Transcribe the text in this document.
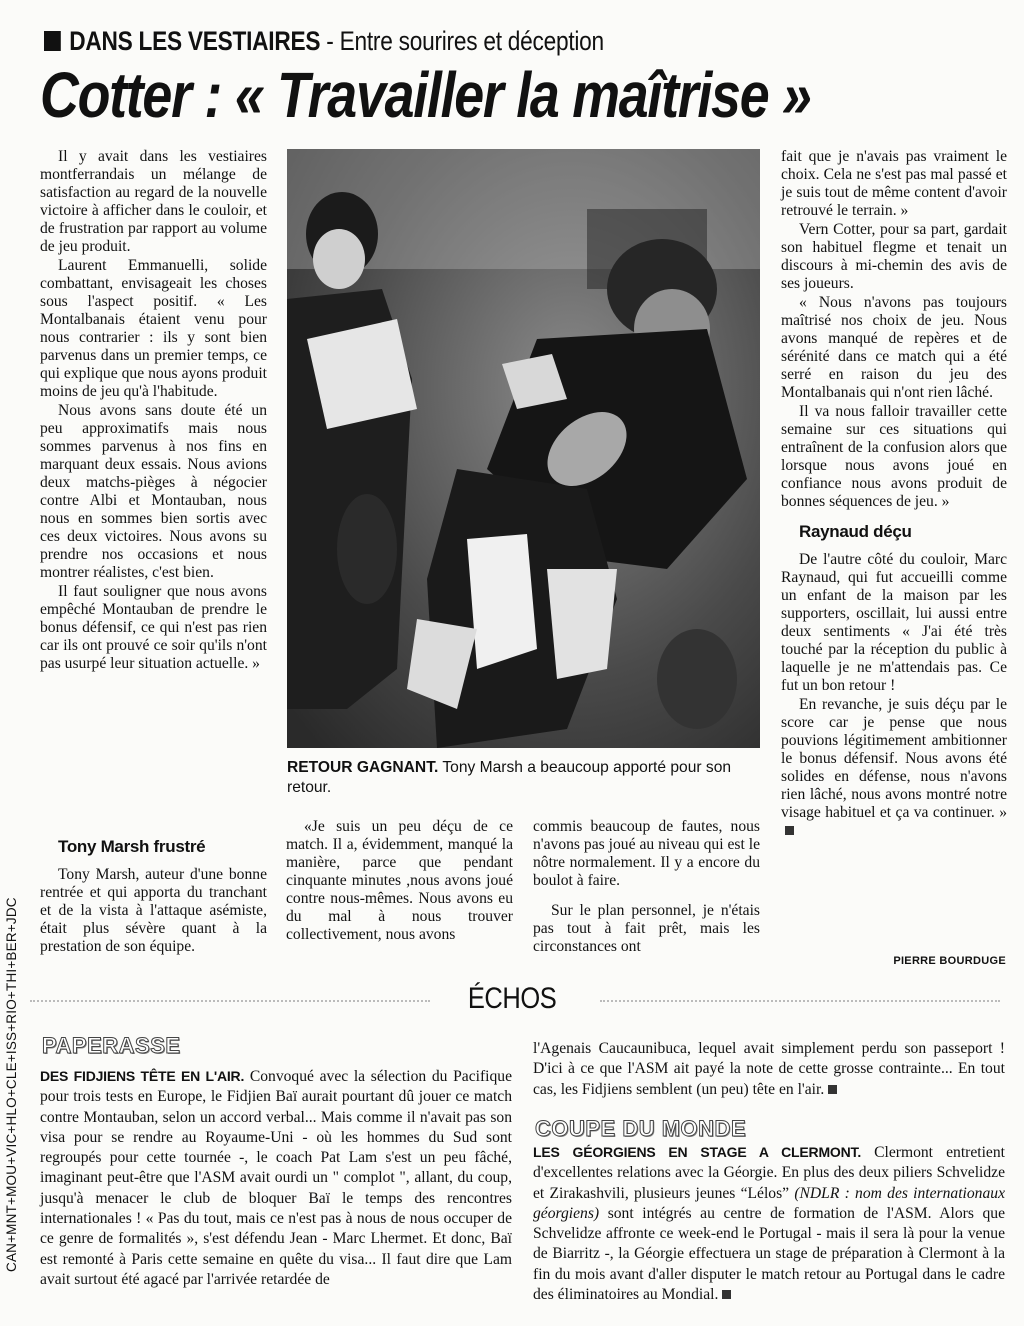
DANS LES VESTIAIRES - Entre sourires et déception
Cotter : « Travailler la maîtrise »

Il y avait dans les vestiaires montferrandais un mélange de satisfaction au regard de la nouvelle victoire à afficher dans le couloir, et de frustration par rapport au volume de jeu produit.

Laurent Emmanuelli, solide combattant, envisageait les choses sous l'aspect positif. « Les Montalbanais étaient venu pour nous contrarier : ils y sont bien parvenus dans un premier temps, ce qui explique que nous ayons produit moins de jeu qu'à l'habitude.

Nous avons sans doute été un peu approximatifs mais nous sommes parvenus à nos fins en marquant deux essais. Nous avions deux matchs-pièges à négocier contre Albi et Montauban, nous nous en sommes bien sortis avec ces deux victoires. Nous avons su prendre nos occasions et nous montrer réalistes, c'est bien.

Il faut souligner que nous avons empêché Montauban de prendre le bonus défensif, ce qui n'est pas rien car ils ont prouvé ce soir qu'ils n'ont pas usurpé leur situation actuelle. »

Tony Marsh frustré

Tony Marsh, auteur d'une bonne rentrée et qui apporta du tranchant et de la vista à l'attaque asémiste, était plus sévère quant à la prestation de son équipe.

RETOUR GAGNANT. Tony Marsh a beaucoup apporté pour son retour.

«Je suis un peu déçu de ce match. Il a, évidemment, manqué la manière, parce que pendant cinquante minutes ,nous avons joué contre nous-mêmes. Nous avons eu du mal à nous trouver collectivement, nous avons

commis beaucoup de fautes, nous n'avons pas joué au niveau qui est le nôtre normalement. Il y a encore du boulot à faire.

Sur le plan personnel, je n'étais pas tout à fait prêt, mais les circonstances ont

fait que je n'avais pas vraiment le choix. Cela ne s'est pas mal passé et je suis tout de même content d'avoir retrouvé le terrain. »

Vern Cotter, pour sa part, gardait son habituel flegme et tenait un discours à mi-chemin des avis de ses joueurs.

« Nous n'avons pas toujours maîtrisé nos choix de jeu. Nous avons manqué de repères et de sérénité dans ce match qui a été serré en raison du jeu des Montalbanais qui n'ont rien lâché.

Il va nous falloir travailler cette semaine sur ces situations qui entraînent de la confusion alors que lorsque nous avons joué en confiance nous avons produit de bonnes séquences de jeu. »

Raynaud déçu

De l'autre côté du couloir, Marc Raynaud, qui fut accueilli comme un enfant de la maison par les supporters, oscillait, lui aussi entre deux sentiments « J'ai été très touché par la réception du public à laquelle je ne m'attendais pas. Ce fut un bon retour !

En revanche, je suis déçu par le score car je pense que nous pouvions légitimement ambitionner le bonus défensif. Nous avons été solides en défense, nous n'avons rien lâché, nous avons montré notre visage habituel et ça va continuer. »

PIERRE BOURDUGE
CAN+MNT+MOU+VIC+HLO+CLE+ISS+RIO+THI+BER+JDC	ÉCHOS
PAPERASSE
DES FIDJIENS TÊTE EN L'AIR. Convoqué avec la sélection du Pacifique pour trois tests en Europe, le Fidjien Baï aurait pourtant dû jouer ce match contre Montauban, selon un accord verbal... Mais comme il n'avait pas son visa pour se rendre au Royaume-Uni - où les hommes du Sud sont regroupés pour cette tournée -, le coach Pat Lam s'est un peu fâché, imaginant peut-être que l'ASM avait ourdi un " complot ", allant, du coup, jusqu'à menacer le club de bloquer Baï le temps des rencontres internationales ! « Pas du tout, mais ce n'est pas à nous de nous occuper de ce genre de formalités », s'est défendu Jean - Marc Lhermet. Et donc, Baï est remonté à Paris cette semaine en quête du visa... Il faut dire que Lam avait surtout été agacé par l'arrivée retardée de
l'Agenais Caucaunibuca, lequel avait simplement perdu son passeport ! D'ici à ce que l'ASM ait payé la note de cette grosse contrainte... En tout cas, les Fidjiens semblent (un peu) tête en l'air.
COUPE DU MONDE
LES GÉORGIENS EN STAGE A CLERMONT. Clermont entretient d'excellentes relations avec la Géorgie. En plus des deux piliers Schvelidze et Zirakashvili, plusieurs jeunes “Lélos” (NDLR : nom des internationaux géorgiens) sont intégrés au centre de formation de l'ASM. Alors que Schvelidze affronte ce week-end le Portugal - mais il sera là pour la venue de Biarritz -, la Géorgie effectuera un stage de préparation à Clermont à la fin du mois avant d'aller disputer le match retour au Portugal dans le cadre des éliminatoires au Mondial.
